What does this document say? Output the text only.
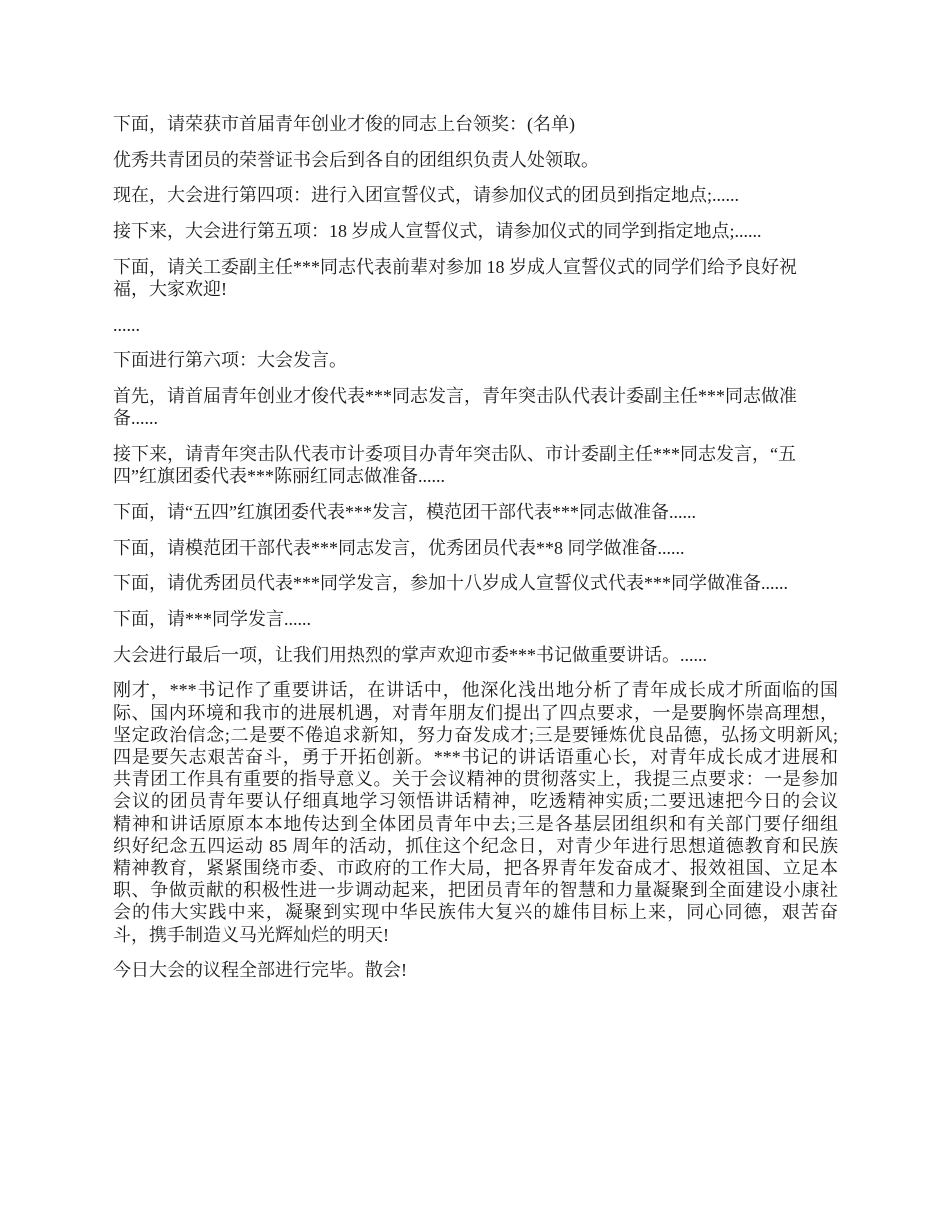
下面，请荣获市首届青年创业才俊的同志上台领奖：(名单)
优秀共青团员的荣誉证书会后到各自的团组织负责人处领取。
现在，大会进行第四项：进行入团宣誓仪式，请参加仪式的团员到指定地点;......
接下来，大会进行第五项：18 岁成人宣誓仪式，请参加仪式的同学到指定地点;......
下面，请关工委副主任***同志代表前辈对参加 18 岁成人宣誓仪式的同学们给予良好祝
福，大家欢迎!
......
下面进行第六项：大会发言。
首先，请首届青年创业才俊代表***同志发言，青年突击队代表计委副主任***同志做准
备......
接下来，请青年突击队代表市计委项目办青年突击队、市计委副主任***同志发言，“五
四”红旗团委代表***陈丽红同志做准备......
下面，请“五四”红旗团委代表***发言，模范团干部代表***同志做准备......
下面，请模范团干部代表***同志发言，优秀团员代表**8 同学做准备......
下面，请优秀团员代表***同学发言，参加十八岁成人宣誓仪式代表***同学做准备......
下面，请***同学发言......
大会进行最后一项，让我们用热烈的掌声欢迎市委***书记做重要讲话。......
刚才，***书记作了重要讲话，在讲话中，他深化浅出地分析了青年成长成才所面临的国
际、国内环境和我市的进展机遇，对青年朋友们提出了四点要求，一是要胸怀崇高理想，
坚定政治信念;二是要不倦追求新知，努力奋发成才;三是要锤炼优良品德，弘扬文明新风;
四是要矢志艰苦奋斗，勇于开拓创新。***书记的讲话语重心长，对青年成长成才进展和
共青团工作具有重要的指导意义。关于会议精神的贯彻落实上，我提三点要求：一是参加
会议的团员青年要认仔细真地学习领悟讲话精神，吃透精神实质;二要迅速把今日的会议
精神和讲话原原本本地传达到全体团员青年中去;三是各基层团组织和有关部门要仔细组
织好纪念五四运动 85 周年的活动，抓住这个纪念日，对青少年进行思想道德教育和民族
精神教育，紧紧围绕市委、市政府的工作大局，把各界青年发奋成才、报效祖国、立足本
职、争做贡献的积极性进一步调动起来，把团员青年的智慧和力量凝聚到全面建设小康社
会的伟大实践中来，凝聚到实现中华民族伟大复兴的雄伟目标上来，同心同德，艰苦奋
斗，携手制造义马光辉灿烂的明天!
今日大会的议程全部进行完毕。散会!
